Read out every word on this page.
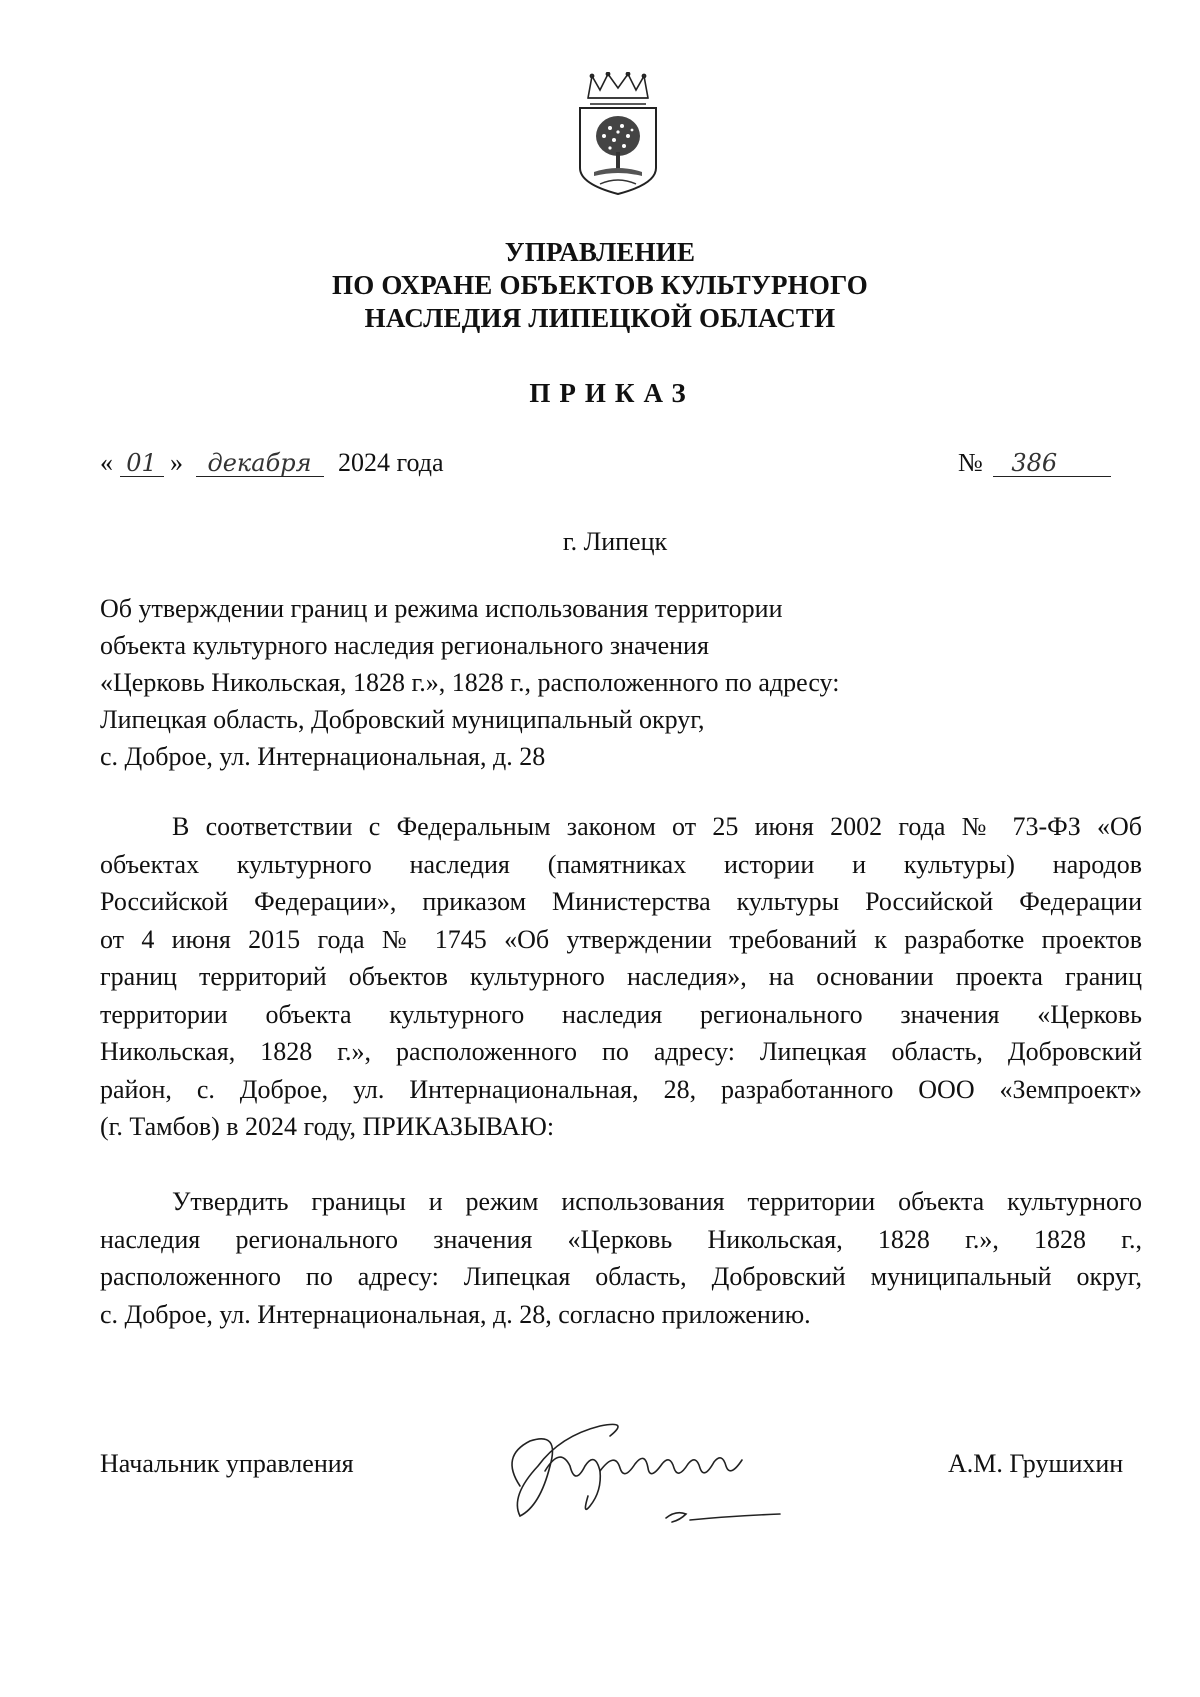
УПРАВЛЕНИЕ
ПО ОХРАНЕ ОБЪЕКТОВ КУЛЬТУРНОГО
НАСЛЕДИЯ ЛИПЕЦКОЙ ОБЛАСТИ
ПРИКАЗ
« 01 » декабря 2024 года	№ 386
г. Липецк
Об утверждении границ и режима использования территории
объекта культурного наследия регионального значения
«Церковь Никольская, 1828 г.», 1828 г., расположенного по адресу:
Липецкая область, Добровский муниципальный округ,
с. Доброе, ул. Интернациональная, д. 28
В соответствии с Федеральным законом от 25 июня 2002 года № 73-ФЗ «Об
объектах культурного наследия (памятниках истории и культуры) народов
Российской Федерации», приказом Министерства культуры Российской Федерации
от 4 июня 2015 года № 1745 «Об утверждении требований к разработке проектов
границ территорий объектов культурного наследия», на основании проекта границ
территории объекта культурного наследия регионального значения «Церковь
Никольская, 1828 г.», расположенного по адресу: Липецкая область, Добровский
район, с. Доброе, ул. Интернациональная, 28, разработанного ООО «Земпроект»
(г. Тамбов) в 2024 году, ПРИКАЗЫВАЮ:
Утвердить границы и режим использования территории объекта культурного
наследия регионального значения «Церковь Никольская, 1828 г.», 1828 г.,
расположенного по адресу: Липецкая область, Добровский муниципальный округ,
с. Доброе, ул. Интернациональная, д. 28, согласно приложению.
Начальник управления	А.М. Грушихин
